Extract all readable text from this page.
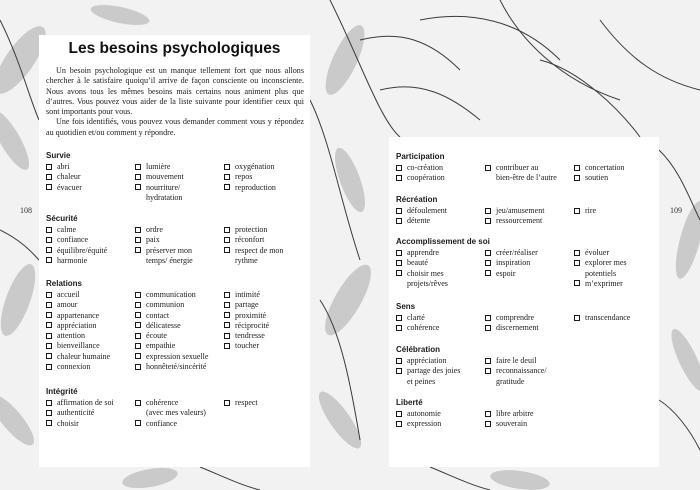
108	109
Les besoins psychologiques

Un besoin psychologique est un manque tellement fort que nous allons chercher à le satisfaire quoiqu’il arrive de façon consciente ou inconsciente. Nous avons tous les mêmes besoins mais certains nous animent plus que d’autres. Vous pouvez vous aider de la liste suivante pour identifier ceux qui sont importants pour vous.

Une fois identifiés, vous pouvez vous demander comment vous y répondez au quotidien et/ou comment y répondre.

Survie
abri
chaleur
évacuer
lumière
mouvement
nourriture/
hydratation
oxygénation
repos
reproduction
Sécurité
calme
confiance
équilibre/équité
harmonie
ordre
paix
préserver mon
temps/ énergie
protection
réconfort
respect de mon
rythme
Relations
accueil
amour
appartenance
appréciation
attention
bienveillance
chaleur humaine
connexion
communication
communion
contact
délicatesse
écoute
empathie
expression sexuelle
honnêteté/sincérité
intimité
partage
proximité
réciprocité
tendresse
toucher
Intégrité
affirmation de soi
authenticité
choisir
cohérence
(avec mes valeurs)
confiance
respect
Participation
co-création
coopération
contribuer au
bien-être de l’autre
concertation
soutien
Récréation
défoulement
détente
jeu/amusement
ressourcement
rire
Accomplissement de soi
apprendre
beauté
choisir mes
projets/rêves
créer/réaliser
inspiration
espoir
évoluer
explorer mes
potentiels
m’exprimer
Sens
clarté
cohérence
comprendre
discernement
transcendance
Célébration
appréciation
partage des joies
et peines
faire le deuil
reconnaissance/
gratitude
Liberté
autonomie
expression
libre arbitre
souverain
